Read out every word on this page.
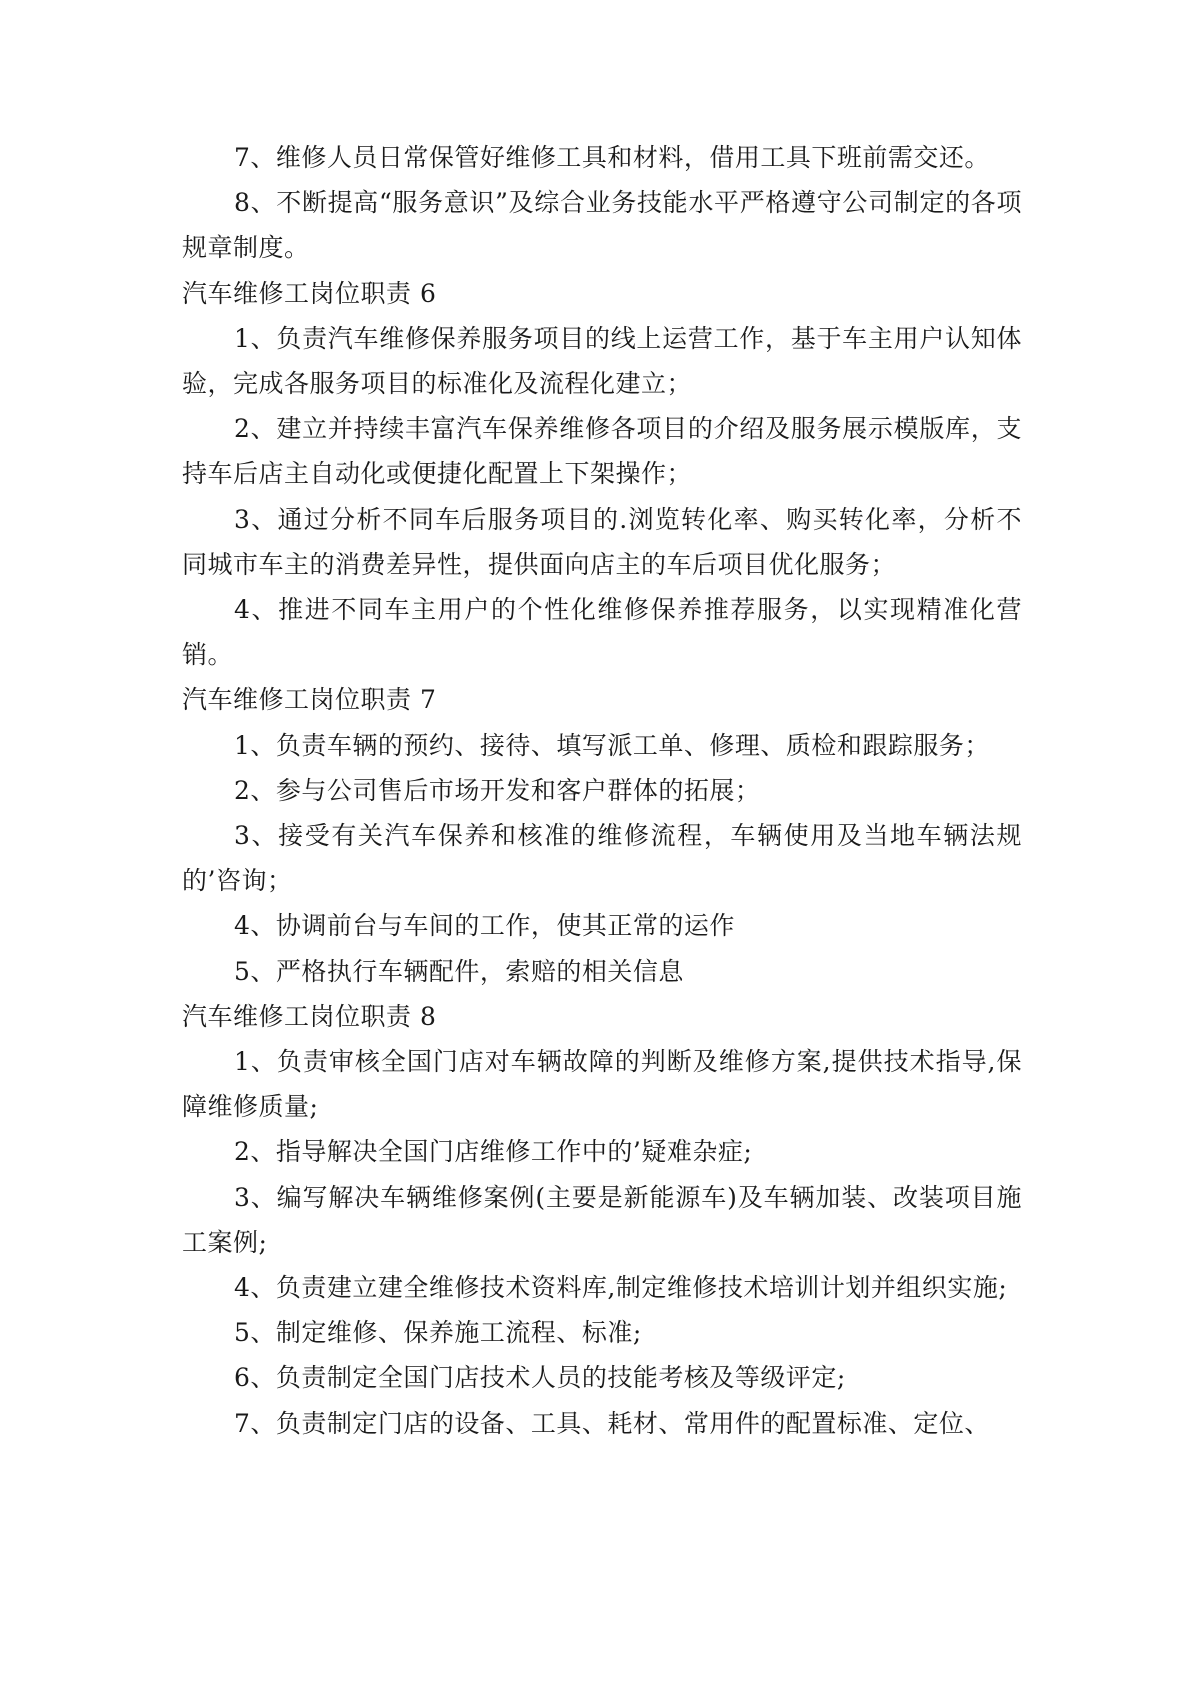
7、维修人员日常保管好维修工具和材料，借用工具下班前需交还。

8、不断提高“服务意识”及综合业务技能水平严格遵守公司制定的各项规章制度。

汽车维修工岗位职责 6

1、负责汽车维修保养服务项目的线上运营工作，基于车主用户认知体验，完成各服务项目的标准化及流程化建立；

2、建立并持续丰富汽车保养维修各项目的介绍及服务展示模版库，支持车后店主自动化或便捷化配置上下架操作；

3、通过分析不同车后服务项目的.浏览转化率、购买转化率，分析不同城市车主的消费差异性，提供面向店主的车后项目优化服务；

4、推进不同车主用户的个性化维修保养推荐服务，以实现精准化营销。

汽车维修工岗位职责 7

1、负责车辆的预约、接待、填写派工单、修理、质检和跟踪服务；

2、参与公司售后市场开发和客户群体的拓展；

3、接受有关汽车保养和核准的维修流程，车辆使用及当地车辆法规的’咨询；

4、协调前台与车间的工作，使其正常的运作

5、严格执行车辆配件，索赔的相关信息

汽车维修工岗位职责 8

1、负责审核全国门店对车辆故障的判断及维修方案,提供技术指导,保障维修质量;

2、指导解决全国门店维修工作中的’疑难杂症;

3、编写解决车辆维修案例(主要是新能源车)及车辆加装、改装项目施工案例;

4、负责建立建全维修技术资料库,制定维修技术培训计划并组织实施;

5、制定维修、保养施工流程、标准;

6、负责制定全国门店技术人员的技能考核及等级评定;

7、负责制定门店的设备、工具、耗材、常用件的配置标准、定位、
